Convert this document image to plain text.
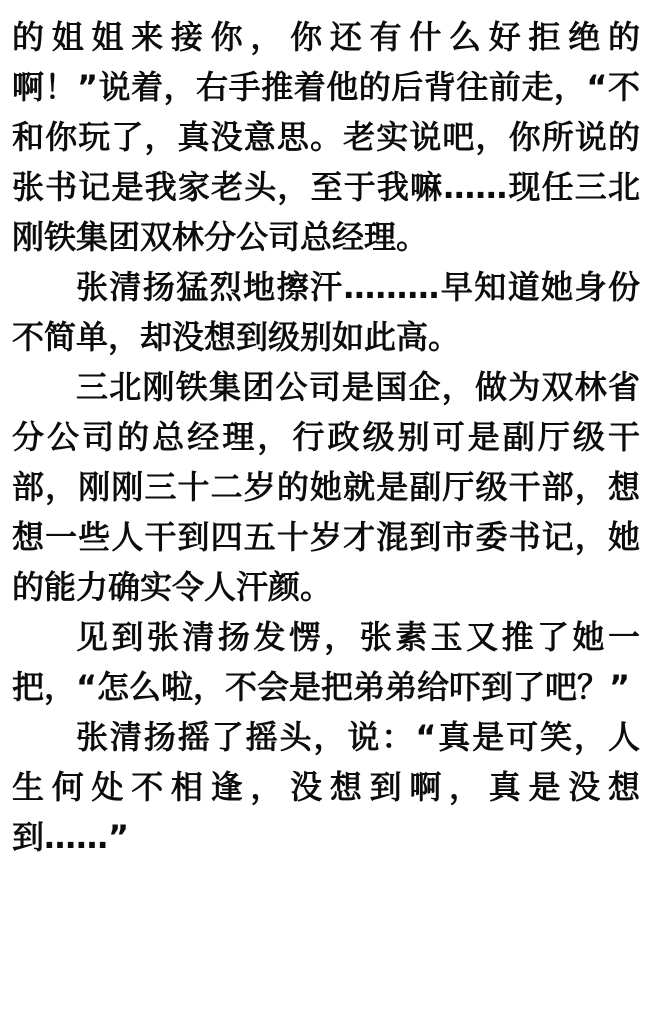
的姐姐来接你，你还有什么好拒绝的啊！”说着，右手推着他的后背往前走，“不和你玩了，真没意思。老实说吧，你所说的张书记是我家老头，至于我嘛……现任三北刚铁集团双林分公司总经理。

张清扬猛烈地擦汗………早知道她身份不简单，却没想到级别如此高。

三北刚铁集团公司是国企，做为双林省分公司的总经理，行政级别可是副厅级干部，刚刚三十二岁的她就是副厅级干部，想想一些人干到四五十岁才混到市委书记，她的能力确实令人汗颜。

见到张清扬发愣，张素玉又推了她一把，“怎么啦，不会是把弟弟给吓到了吧？”

张清扬摇了摇头，说：“真是可笑，人生何处不相逢，没想到啊，真是没想到……”
